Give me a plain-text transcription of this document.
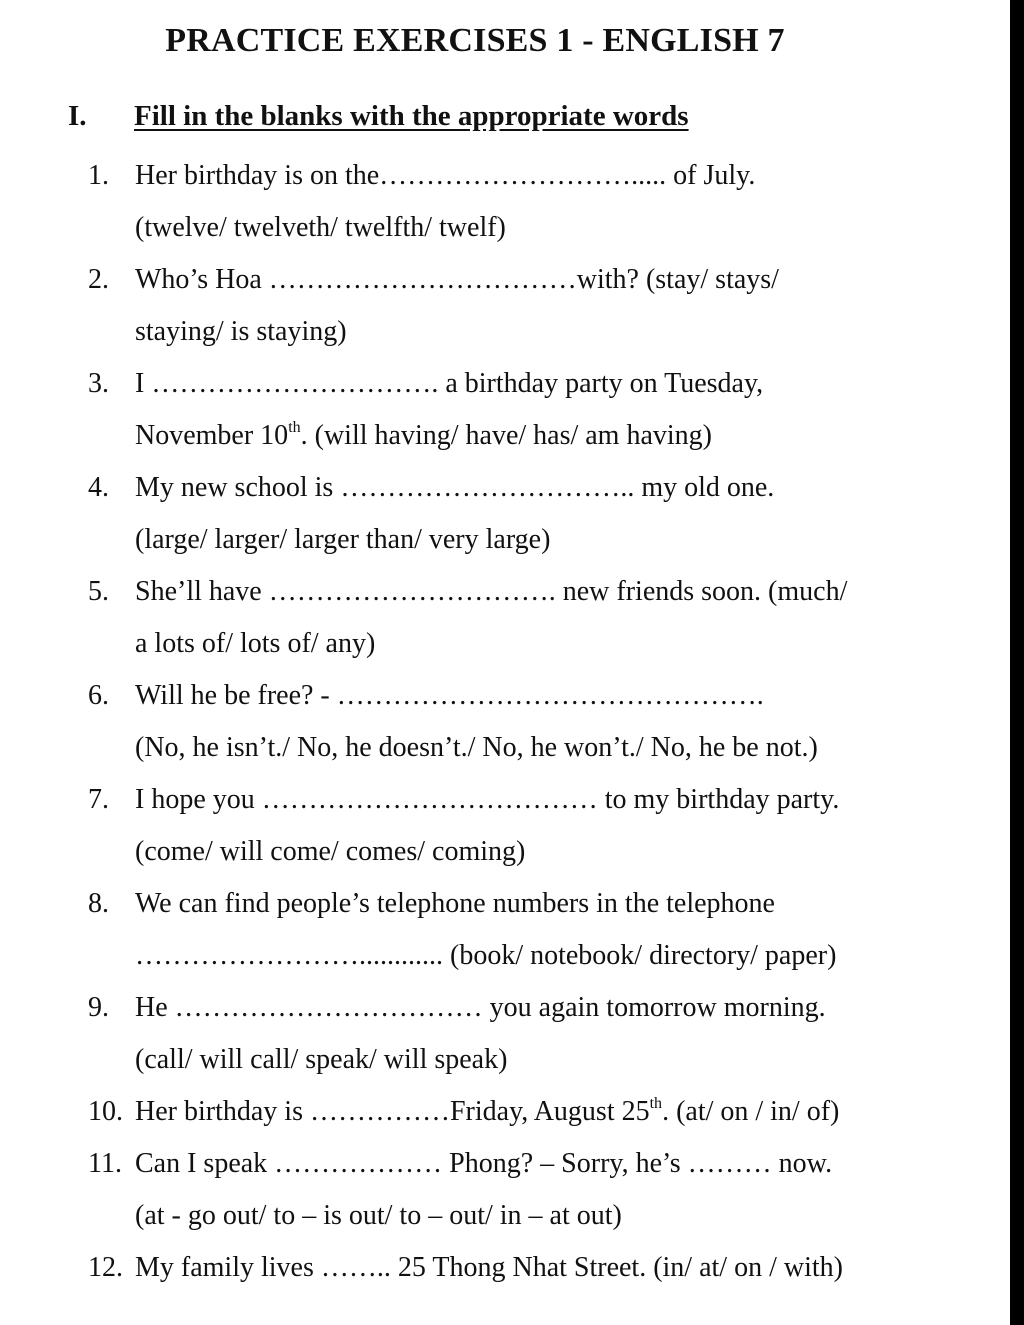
PRACTICE EXERCISES 1 - ENGLISH 7
I. Fill in the blanks with the appropriate words
1. Her birthday is on the………………………..... of July.
(twelve/ twelveth/ twelfth/ twelf)
2. Who’s Hoa ……………………………with? (stay/ stays/
staying/ is staying)
3. I …………………………. a birthday party on Tuesday,
November 10th. (will having/ have/ has/ am having)
4. My new school is ………………………….. my old one.
(large/ larger/ larger than/ very large)
5. She’ll have …………………………. new friends soon. (much/
a lots of/ lots of/ any)
6. Will he be free? - ……………………………………….
(No, he isn’t./ No, he doesn’t./ No, he won’t./ No, he be not.)
7. I hope you ……………………………… to my birthday party.
(come/ will come/ comes/ coming)
8. We can find people’s telephone numbers in the telephone
……………………............ (book/ notebook/ directory/ paper)
9. He …………………………… you again tomorrow morning.
(call/ will call/ speak/ will speak)
10. Her birthday is ……………Friday, August 25th. (at/ on / in/ of)
11. Can I speak ……………… Phong? – Sorry, he’s ……… now.
(at - go out/ to – is out/ to – out/ in – at out)
12. My family lives …….. 25 Thong Nhat Street. (in/ at/ on / with)
